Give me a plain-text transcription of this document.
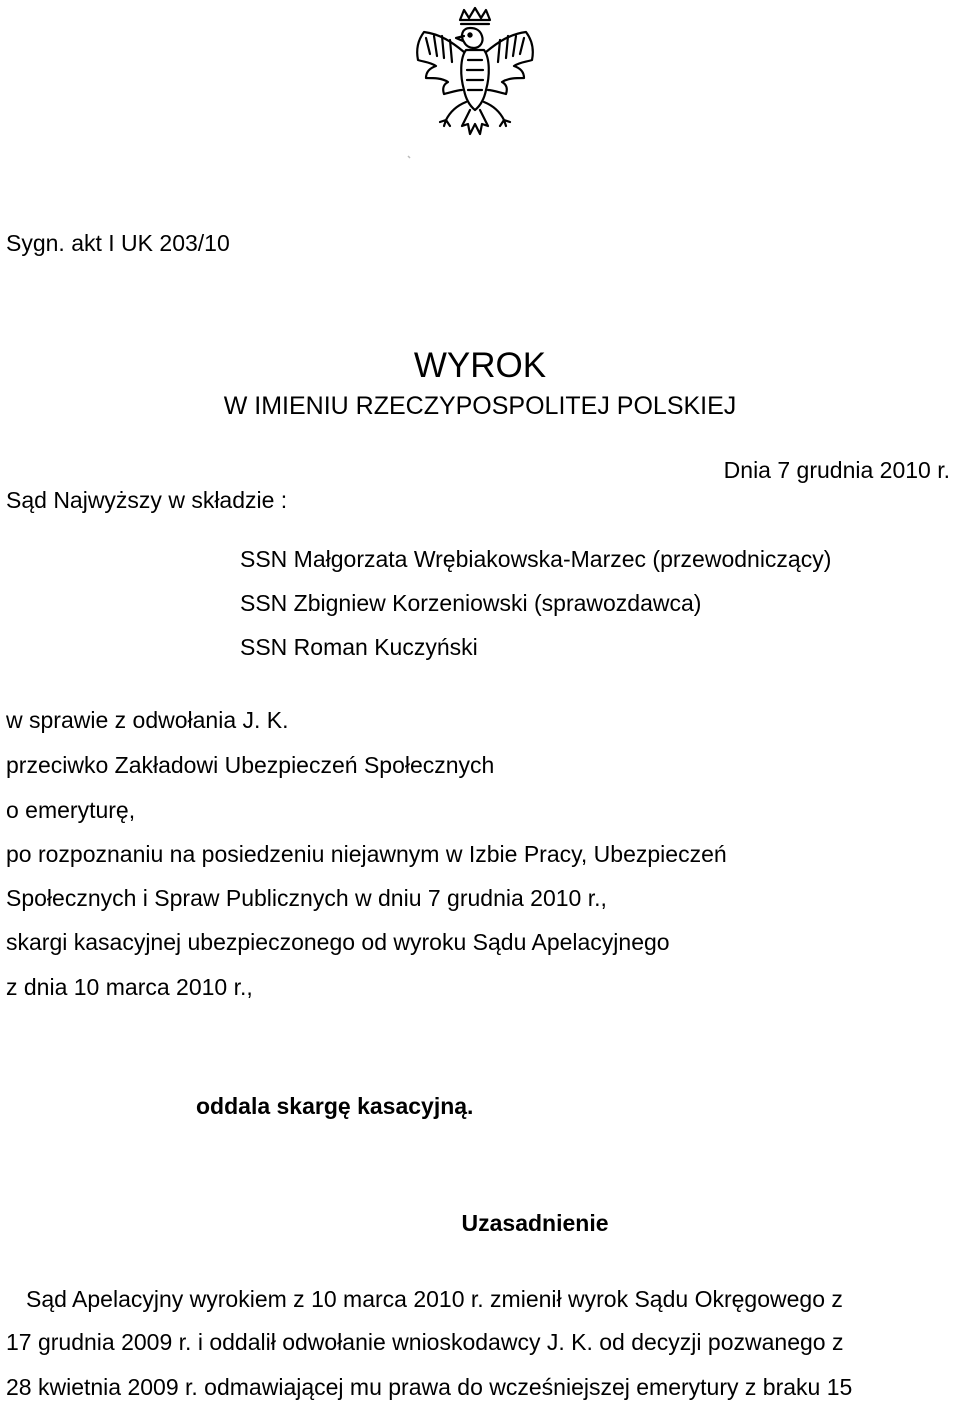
Sygn. akt I UK 203/10

WYROK
W IMIENIU RZECZYPOSPOLITEJ POLSKIEJ

Dnia 7 grudnia 2010 r.

Sąd Najwyższy w składzie :

SSN Małgorzata Wrębiakowska-Marzec (przewodniczący)

SSN Zbigniew Korzeniowski (sprawozdawca)

SSN Roman Kuczyński

w sprawie z odwołania J. K.

przeciwko Zakładowi Ubezpieczeń Społecznych

o emeryturę,

po rozpoznaniu na posiedzeniu niejawnym w Izbie Pracy, Ubezpieczeń

Społecznych i Spraw Publicznych w dniu 7 grudnia 2010 r.,

skargi kasacyjnej ubezpieczonego od wyroku Sądu Apelacyjnego

z dnia 10 marca 2010 r.,

oddala skargę kasacyjną.

Uzasadnienie

Sąd Apelacyjny wyrokiem z 10 marca 2010 r. zmienił wyrok Sądu Okręgowego z

17 grudnia 2009 r. i oddalił odwołanie wnioskodawcy J. K. od decyzji pozwanego z

28 kwietnia 2009 r. odmawiającej mu prawa do wcześniejszej emerytury z braku 15
